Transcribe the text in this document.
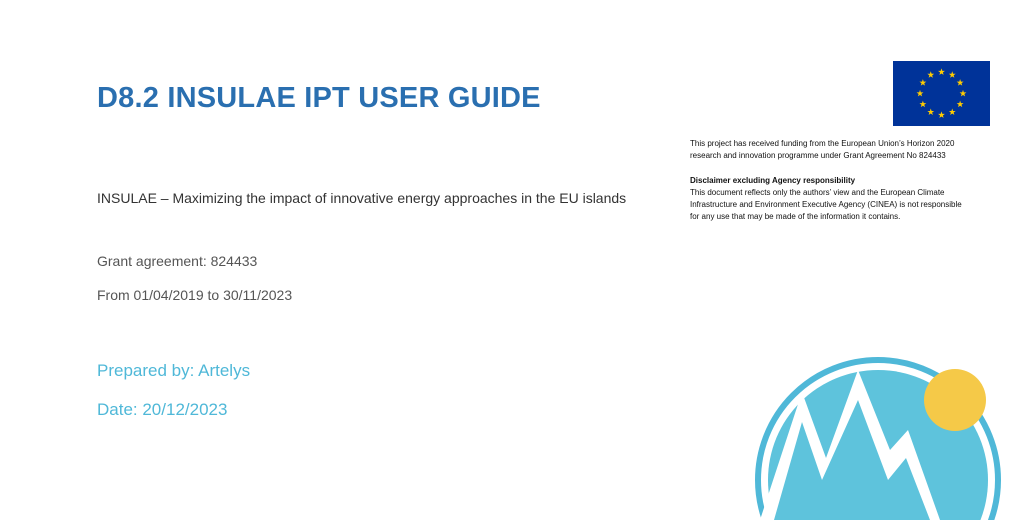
D8.2 INSULAE IPT USER GUIDE
INSULAE – Maximizing the impact of innovative energy approaches in the EU islands
Grant agreement: 824433
From 01/04/2019 to 30/11/2023
Prepared by: Artelys
Date: 20/12/2023

This project has received funding from the European Union’s Horizon 2020

research and innovation programme under Grant Agreement No 824433

Disclaimer excluding Agency responsibility

This document reflects only the authors’ view and the European Climate

Infrastructure and Environment Executive Agency (CINEA) is not responsible

for any use that may be made of the information it contains.
